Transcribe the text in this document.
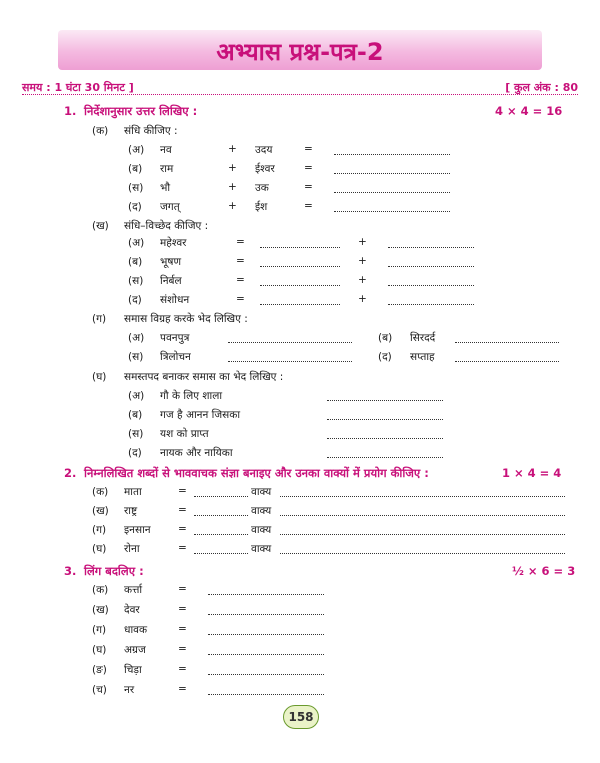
अभ्यास प्रश्न-पत्र-2
समय : 1 घंटा 30 मिनट ]	[ कुल अंक : 80
1. निर्देशानुसार उत्तर लिखिए :	4 × 4 = 16
(क) संधि कीजिए :
(अ) नव	+ उदय	=
(ब) राम	+ ईश्वर	=
(स) भौ	+ उक	=
(द) जगत्	+ ईश	=
(ख) संधि–विच्छेद कीजिए :
(अ) महेश्वर	=	+
(ब) भूषण	=	+
(स) निर्बल	=	+
(द) संशोधन	=	+
(ग) समास विग्रह करके भेद लिखिए :
(अ) पवनपुत्र	(ब) सिरदर्द
(स) त्रिलोचन	(द) सप्ताह
(घ) समस्तपद बनाकर समास का भेद लिखिए :
(अ) गौ के लिए शाला
(ब) गज है आनन जिसका
(स) यश को प्राप्त
(द) नायक और नायिका
2. निम्नलिखित शब्दों से भाववाचक संज्ञा बनाइए और उनका वाक्यों में प्रयोग कीजिए :	1 × 4 = 4
(क) माता	=	वाक्य
(ख) राष्ट्र	=	वाक्य
(ग) इनसान	=	वाक्य
(घ) रोना	=	वाक्य
3. लिंग बदलिए :	½ × 6 = 3
(क) कर्त्ता	=
(ख) देवर	=
(ग) धावक	=
(घ) अग्रज	=
(ङ) चिड़ा	=
(च) नर	=
158
